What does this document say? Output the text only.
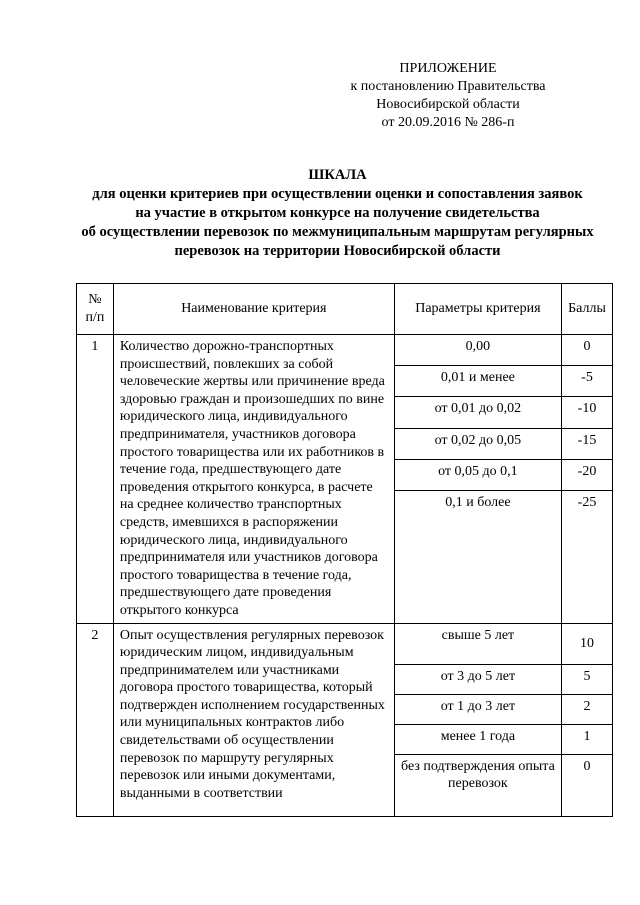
ПРИЛОЖЕНИЕ
к постановлению Правительства
Новосибирской области
от 20.09.2016 № 286-п
ШКАЛА
для оценки критериев при осуществлении оценки и сопоставления заявок
на участие в открытом конкурсе на получение свидетельства
об осуществлении перевозок по межмуниципальным маршрутам регулярных
перевозок на территории Новосибирской области
№ п/п	Наименование критерия	Параметры критерия	Баллы
1	Количество дорожно-транспортных происшествий, повлекших за собой человеческие жертвы или причинение вреда здоровью граждан и произошедших по вине юридического лица, индивидуального предпринимателя, участников договора простого товарищества или их работников в течение года, предшествующего дате проведения открытого конкурса, в расчете на среднее количество транспортных средств, имевшихся в распоряжении юридического лица, индивидуального предпринимателя или участников договора простого товарищества в течение года, предшествующего дате проведения открытого конкурса	0,00	0
		0,01 и менее	-5
		от 0,01 до 0,02	-10
		от 0,02 до 0,05	-15
		от 0,05 до 0,1	-20
		0,1 и более	-25
2	Опыт осуществления регулярных перевозок юридическим лицом, индивидуальным предпринимателем или участниками договора простого товарищества, который подтвержден исполнением государственных или муниципальных контрактов либо свидетельствами об осуществлении перевозок по маршруту регулярных перевозок или иными документами, выданными в соответствии	свыше 5 лет	10
		от 3 до 5 лет	5
		от 1 до 3 лет	2
		менее 1 года	1
		без подтверждения опыта перевозок	0
